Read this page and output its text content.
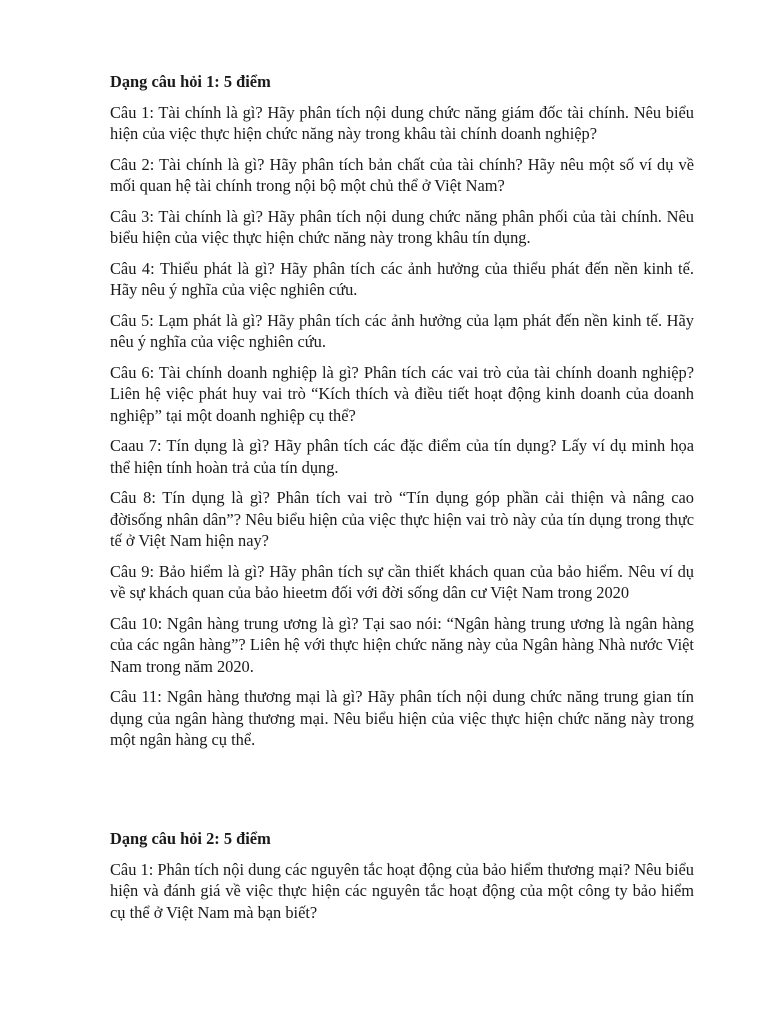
Dạng câu hỏi 1: 5 điểm

Câu 1: Tài chính là gì? Hãy phân tích nội dung chức năng giám đốc tài chính. Nêu biểu hiện của việc thực hiện chức năng này trong khâu tài chính doanh nghiệp?

Câu 2: Tài chính là gì? Hãy phân tích bản chất của tài chính? Hãy nêu một số ví dụ về mối quan hệ tài chính trong nội bộ một chủ thể ở Việt Nam?

Câu 3: Tài chính là gì? Hãy phân tích nội dung chức năng phân phối của tài chính. Nêu biểu hiện của việc thực hiện chức năng này trong khâu tín dụng.

Câu 4: Thiểu phát là gì? Hãy phân tích các ảnh hưởng của thiểu phát đến nền kinh tế. Hãy nêu ý nghĩa của việc nghiên cứu.

Câu 5: Lạm phát là gì? Hãy phân tích các ảnh hưởng của lạm phát đến nền kinh tế. Hãy nêu ý nghĩa của việc nghiên cứu.

Câu 6: Tài chính doanh nghiệp là gì? Phân tích các vai trò của tài chính doanh nghiệp? Liên hệ việc phát huy vai trò “Kích thích và điều tiết hoạt động kinh doanh của doanh nghiệp” tại một doanh nghiệp cụ thể?

Caau 7: Tín dụng là gì? Hãy phân tích các đặc điểm của tín dụng? Lấy ví dụ minh họa thể hiện tính hoàn trả của tín dụng.

Câu 8: Tín dụng là gì? Phân tích vai trò “Tín dụng góp phần cải thiện và nâng cao đờisống nhân dân”? Nêu biểu hiện của việc thực hiện vai trò này của tín dụng trong thực tế ở Việt Nam hiện nay?

Câu 9: Bảo hiểm là gì? Hãy phân tích sự cần thiết khách quan của bảo hiểm. Nêu ví dụ về sự khách quan của bảo hieetm đối với đời sống dân cư Việt Nam trong 2020

Câu 10: Ngân hàng trung ương là gì? Tại sao nói: “Ngân hàng trung ương là ngân hàng của các ngân hàng”? Liên hệ với thực hiện chức năng này của Ngân hàng Nhà nước Việt Nam trong năm 2020.

Câu 11: Ngân hàng thương mại là gì? Hãy phân tích nội dung chức năng trung gian tín dụng của ngân hàng thương mại. Nêu biểu hiện của việc thực hiện chức năng này trong một ngân hàng cụ thể.

Dạng câu hỏi 2: 5 điểm

Câu 1: Phân tích nội dung các nguyên tắc hoạt động của bảo hiểm thương mại? Nêu biểu hiện và đánh giá về việc thực hiện các nguyên tắc hoạt động của một công ty bảo hiểm cụ thể ở Việt Nam mà bạn biết?
